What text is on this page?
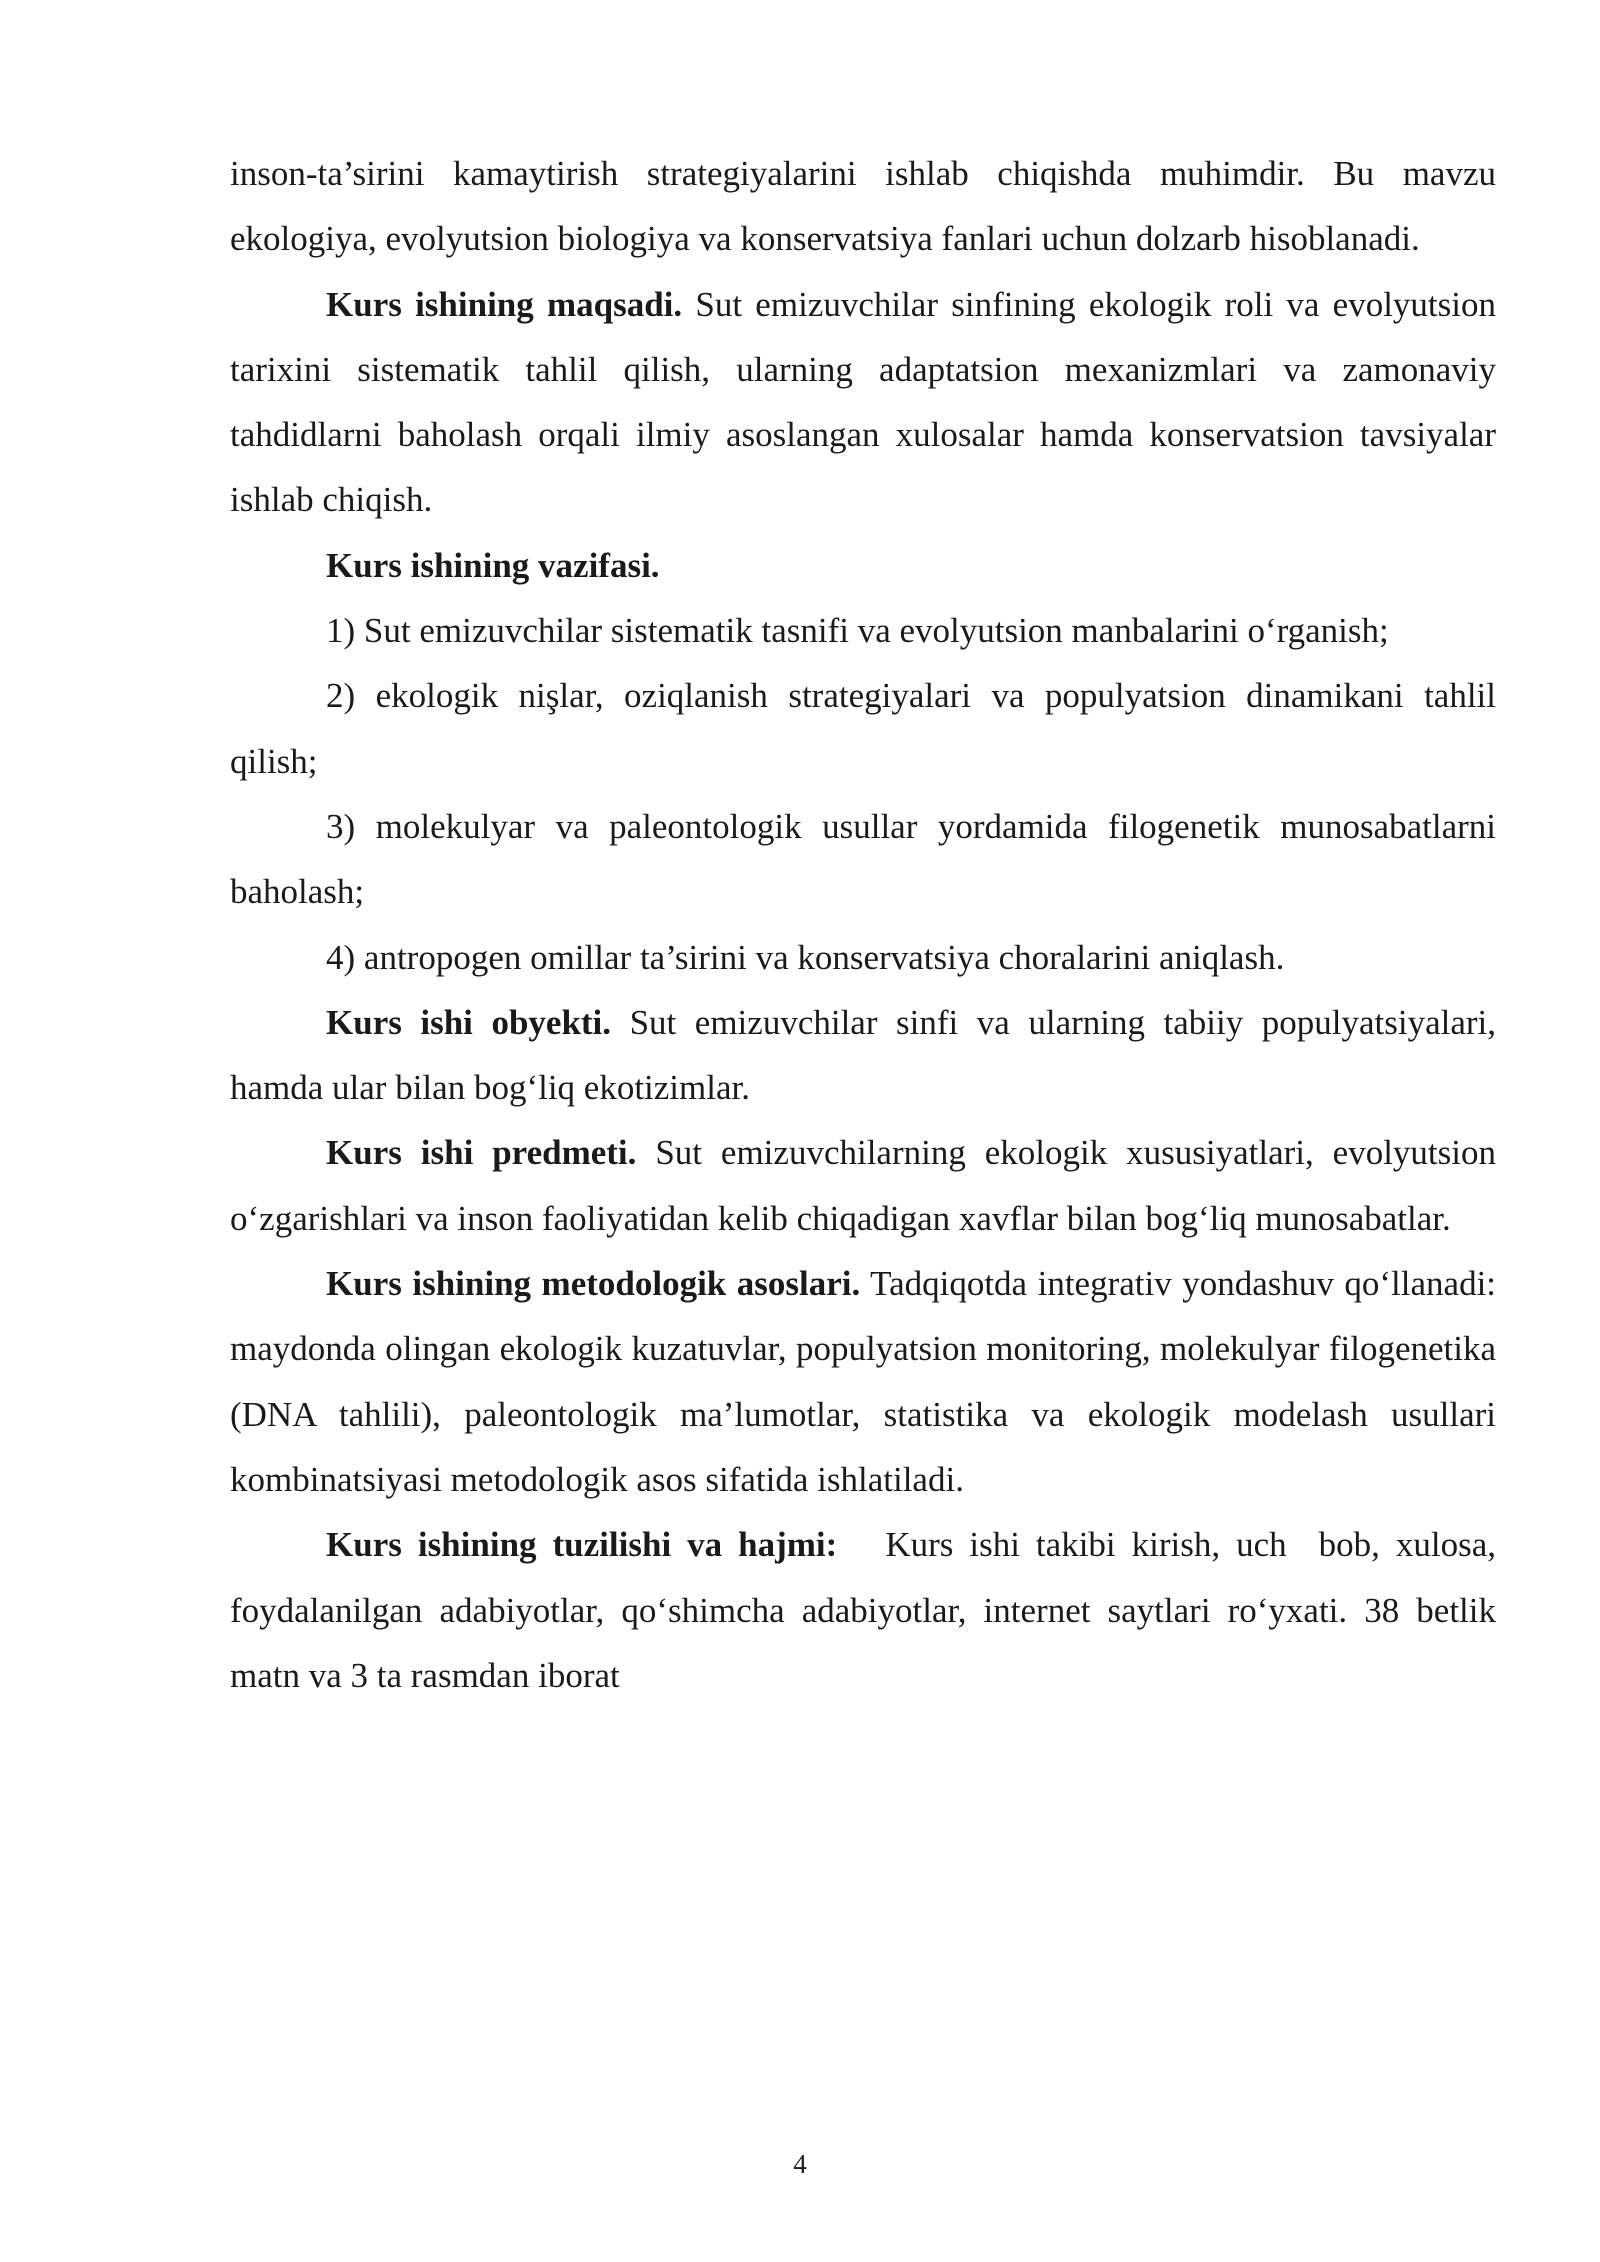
inson-ta’sirini kamaytirish strategiyalarini ishlab chiqishda muhimdir. Bu mavzu ekologiya, evolyutsion biologiya va konservatsiya fanlari uchun dolzarb hisoblanadi.

Kurs ishining maqsadi. Sut emizuvchilar sinfining ekologik roli va evolyutsion tarixini sistematik tahlil qilish, ularning adaptatsion mexanizmlari va zamonaviy tahdidlarni baholash orqali ilmiy asoslangan xulosalar hamda konservatsion tavsiyalar ishlab chiqish.

Kurs ishining vazifasi.

1) Sut emizuvchilar sistematik tasnifi va evolyutsion manbalarini o‘rganish;

2) ekologik nişlar, oziqlanish strategiyalari va populyatsion dinamikani tahlil qilish;

3) molekulyar va paleontologik usullar yordamida filogenetik munosabatlarni baholash;

4) antropogen omillar ta’sirini va konservatsiya choralarini aniqlash.

Kurs ishi obyekti. Sut emizuvchilar sinfi va ularning tabiiy populyatsiyalari, hamda ular bilan bog‘liq ekotizimlar.

Kurs ishi predmeti. Sut emizuvchilarning ekologik xususiyatlari, evolyutsion o‘zgarishlari va inson faoliyatidan kelib chiqadigan xavflar bilan bog‘liq munosabatlar.

Kurs ishining metodologik asoslari. Tadqiqotda integrativ yondashuv qo‘llanadi: maydonda olingan ekologik kuzatuvlar, populyatsion monitoring, molekulyar filogenetika (DNA tahlili), paleontologik ma’lumotlar, statistika va ekologik modelash usullari kombinatsiyasi metodologik asos sifatida ishlatiladi.

Kurs ishining tuzilishi va hajmi:   Kurs ishi takibi kirish, uch  bob, xulosa, foydalanilgan adabiyotlar, qo‘shimcha adabiyotlar, internet saytlari ro‘yxati. 38 betlik matn va 3 ta rasmdan iborat

4
